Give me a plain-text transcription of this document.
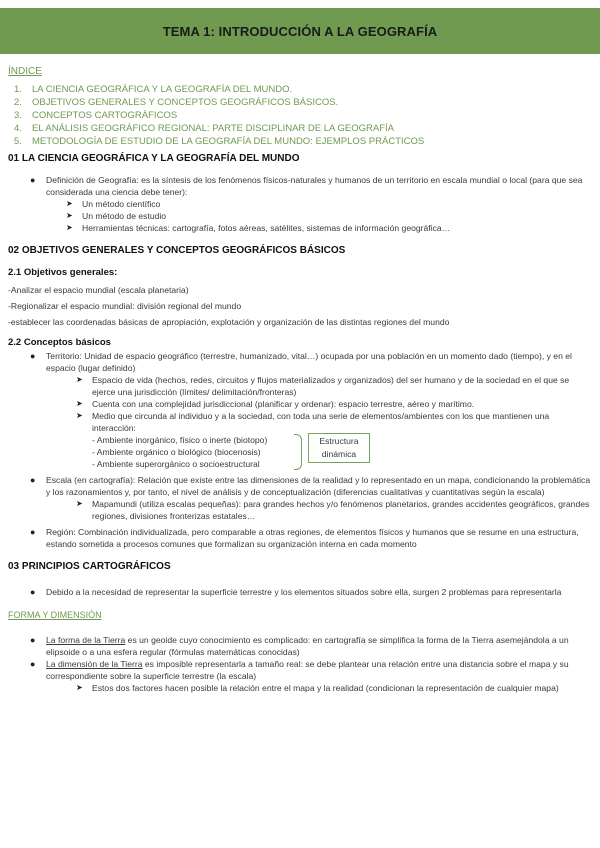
TEMA 1: INTRODUCCIÓN A LA GEOGRAFÍA
ÍNDICE
1.	LA CIENCIA GEOGRÁFICA Y LA GEOGRAFÍA DEL MUNDO.
2.	OBJETIVOS GENERALES Y CONCEPTOS GEOGRÁFICOS BÁSICOS.
3.	CONCEPTOS CARTOGRÁFICOS
4.	EL ANÁLISIS GEOGRÁFICO REGIONAL: PARTE DISCIPLINAR DE LA GEOGRAFÍA
5.	METODOLOGÍA DE ESTUDIO DE LA GEOGRAFÍA DEL MUNDO: EJEMPLOS PRÁCTICOS
01 LA CIENCIA GEOGRÁFICA Y LA GEOGRAFÍA DEL MUNDO
● Definición de Geografía: es la síntesis de los fenómenos físicos-naturales y humanos de un territorio en escala mundial o local (para que sea considerada una ciencia debe tener):
➤ Un método científico
➤ Un método de estudio
➤ Herramientas técnicas: cartografía, fotos aéreas, satélites, sistemas de información geográfica…
02 OBJETIVOS GENERALES Y CONCEPTOS GEOGRÁFICOS BÁSICOS
2.1 Objetivos generales:
-Analizar el espacio mundial (escala planetaria)
-Regionalizar el espacio mundial: división regional del mundo
-establecer las coordenadas básicas de apropiación, explotación y organización de las distintas regiones del mundo
2.2 Conceptos básicos
● Territorio: Unidad de espacio geográfico (terrestre, humanizado, vital…) ocupada por una población en un momento dado (tiempo), y en el espacio (lugar definido)
➤ Espacio de vida (hechos, redes, circuitos y flujos materializados y organizados) del ser humano y de la sociedad en el que se ejerce una jurisdicción (límites/ delimitación/fronteras)
➤ Cuenta con una complejidad jurisdiccional (planificar y ordenar): espacio terrestre, aéreo y marítimo.
➤ Medio que circunda al individuo y a la sociedad, con toda una serie de elementos/ambientes con los que mantienen una interacción:
- Ambiente inorgánico, físico o inerte (biotopo)
- Ambiente orgánico o biológico (biocenosis)
- Ambiente superorgánico o socioestructural
Estructura
dinámica
● Escala (en cartografía): Relación que existe entre las dimensiones de la realidad y lo representado en un mapa, condicionando la problemática y los razonamientos y, por tanto, el nivel de análisis y de conceptualización (diferencias cualitativas y cuantitativas según la escala)
➤ Mapamundi (utiliza escalas pequeñas): para grandes hechos y/o fenómenos planetarios, grandes accidentes geográficos, grandes regiones, divisiones fronterizas estatales…
● Región: Combinación individualizada, pero comparable a otras regiones, de elementos físicos y humanos que se resume en una estructura, estando sometida a procesos comunes que formalizan su organización interna en cada momento
03 PRINCIPIOS CARTOGRÁFICOS
● Debido a la necesidad de representar la superficie terrestre y los elementos situados sobre ella, surgen 2 problemas para representarla
FORMA Y DIMENSIÓN
● La forma de la Tierra es un geoide cuyo conocimiento es complicado: en cartografía se simplifica la forma de la Tierra asemejándola a un elipsoide o a una esfera regular (fórmulas matemáticas conocidas)
● La dimensión de la Tierra es imposible representarla a tamaño real: se debe plantear una relación entre una distancia sobre el mapa y su correspondiente sobre la superficie terrestre (la escala)
➤ Estos dos factores hacen posible la relación entre el mapa y la realidad (condicionan la representación de cualquier mapa)
